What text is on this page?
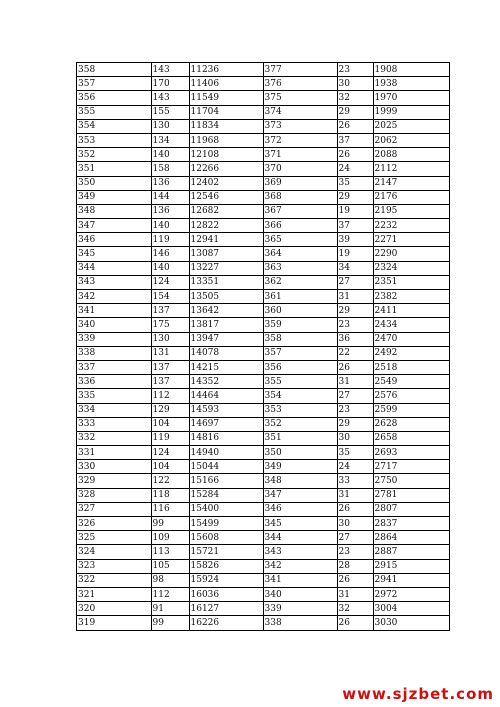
358	143	11236	377	23	1908
357	170	11406	376	30	1938
356	143	11549	375	32	1970
355	155	11704	374	29	1999
354	130	11834	373	26	2025
353	134	11968	372	37	2062
352	140	12108	371	26	2088
351	158	12266	370	24	2112
350	136	12402	369	35	2147
349	144	12546	368	29	2176
348	136	12682	367	19	2195
347	140	12822	366	37	2232
346	119	12941	365	39	2271
345	146	13087	364	19	2290
344	140	13227	363	34	2324
343	124	13351	362	27	2351
342	154	13505	361	31	2382
341	137	13642	360	29	2411
340	175	13817	359	23	2434
339	130	13947	358	36	2470
338	131	14078	357	22	2492
337	137	14215	356	26	2518
336	137	14352	355	31	2549
335	112	14464	354	27	2576
334	129	14593	353	23	2599
333	104	14697	352	29	2628
332	119	14816	351	30	2658
331	124	14940	350	35	2693
330	104	15044	349	24	2717
329	122	15166	348	33	2750
328	118	15284	347	31	2781
327	116	15400	346	26	2807
326	99	15499	345	30	2837
325	109	15608	344	27	2864
324	113	15721	343	23	2887
323	105	15826	342	28	2915
322	98	15924	341	26	2941
321	112	16036	340	31	2972
320	91	16127	339	32	3004
319	99	16226	338	26	3030
www.sjzbet.com
